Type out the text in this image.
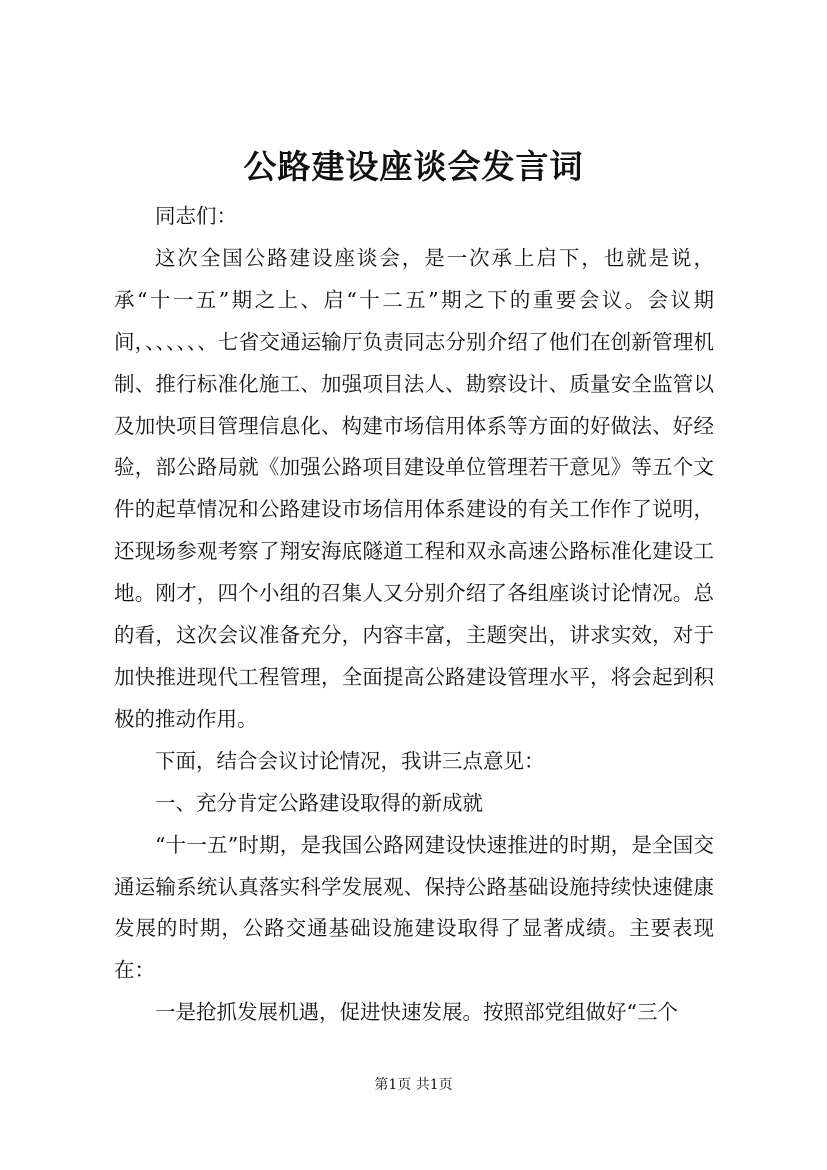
公路建设座谈会发言词

同志们：

这次全国公路建设座谈会，是一次承上启下，也就是说，承“十一五”期之上、启“十二五”期之下的重要会议。会议期间，、、、、、、七省交通运输厅负责同志分别介绍了他们在创新管理机制、推行标准化施工、加强项目法人、勘察设计、质量安全监管以及加快项目管理信息化、构建市场信用体系等方面的好做法、好经验，部公路局就《加强公路项目建设单位管理若干意见》等五个文件的起草情况和公路建设市场信用体系建设的有关工作作了说明，还现场参观考察了翔安海底隧道工程和双永高速公路标准化建设工地。刚才，四个小组的召集人又分别介绍了各组座谈讨论情况。总的看，这次会议准备充分，内容丰富，主题突出，讲求实效，对于加快推进现代工程管理，全面提高公路建设管理水平，将会起到积极的推动作用。

下面，结合会议讨论情况，我讲三点意见：

一、充分肯定公路建设取得的新成就

“十一五”时期，是我国公路网建设快速推进的时期，是全国交通运输系统认真落实科学发展观、保持公路基础设施持续快速健康发展的时期，公路交通基础设施建设取得了显著成绩。主要表现在：

一是抢抓发展机遇，促进快速发展。按照部党组做好“三个

第1页 共1页
